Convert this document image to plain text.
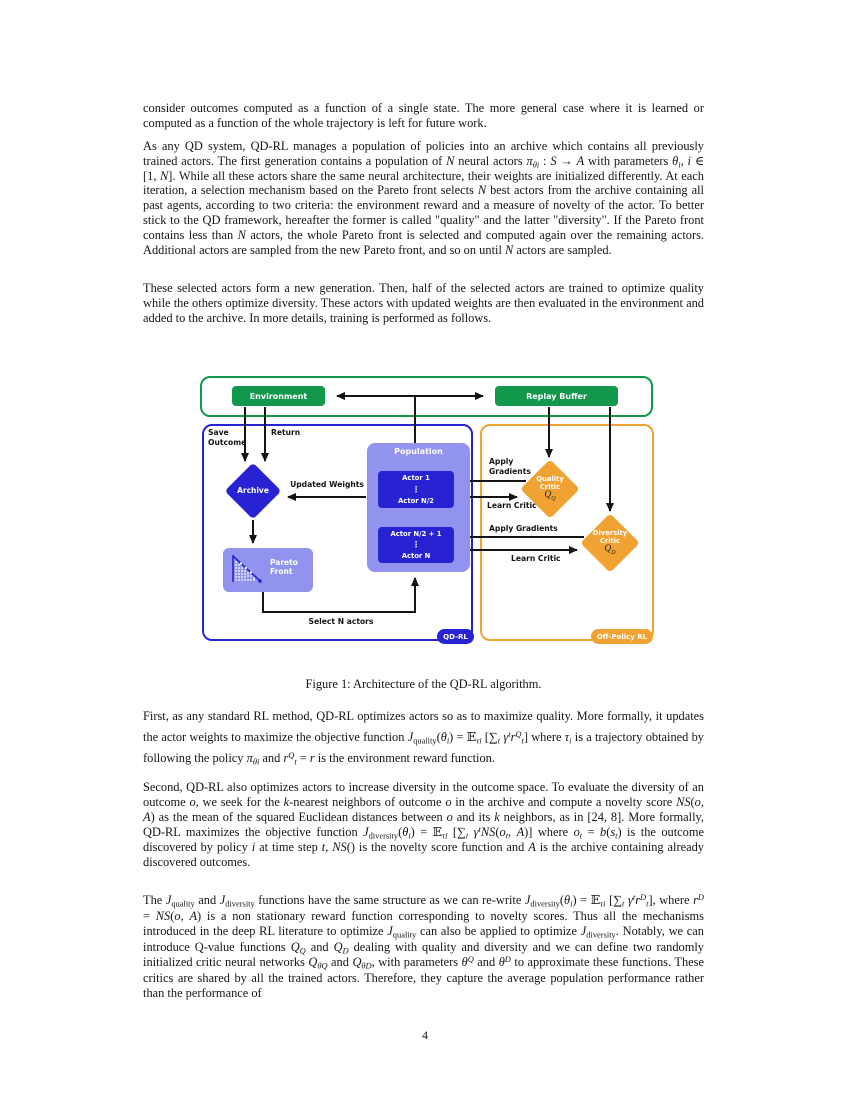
consider outcomes computed as a function of a single state. The more general case where it is learned or computed as a function of the whole trajectory is left for future work.
As any QD system, QD-RL manages a population of policies into an archive which contains all previously trained actors. The first generation contains a population of N neural actors $\pi_{\theta i}$ : S → A with parameters $\theta_i$, i ∈ [1, N]. While all these actors share the same neural architecture, their weights are initialized differently. At each iteration, a selection mechanism based on the Pareto front selects N best actors from the archive containing all past agents, according to two criteria: the environment reward and a measure of novelty of the actor. To better stick to the QD framework, hereafter the former is called "quality" and the latter "diversity". If the Pareto front contains less than N actors, the whole Pareto front is selected and computed again over the remaining actors. Additional actors are sampled from the new Pareto front, and so on until N actors are sampled.
These selected actors form a new generation. Then, half of the selected actors are trained to optimize quality while the others optimize diversity. These actors with updated weights are then evaluated in the environment and added to the archive. In more details, training is performed as follows.
Environment	Replay Buffer
Save
Outcome
Return
Updated Weights
Select N actors
Apply
Gradients
Learn Critic
Apply Gradients
Learn Critic
Archive
Population
Actor 1
⋮
Actor N/2
Actor N/2 + 1
⋮
Actor N
Pareto
Front
Quality
Critic
$Q_Q$
Diversity
Critic
$Q_D$
QD-RL	Off-Policy RL
Figure 1: Architecture of the QD-RL algorithm.
First, as any standard RL method, QD-RL optimizes actors so as to maximize quality. More formally, it updates the actor weights to maximize the objective function $J_{quality}(\theta_i)$ = 𝔼$_{\tau i}$ [$\sum_t$ $\gamma^tr^Q_t$] where $\tau_i$ is a trajectory obtained by following the policy $\pi_{\theta i}$ and $r^Q_t = r$ is the environment reward function.
Second, QD-RL also optimizes actors to increase diversity in the outcome space. To evaluate the diversity of an outcome o, we seek for the k-nearest neighbors of outcome o in the archive and compute a novelty score NS(o, A) as the mean of the squared Euclidean distances between o and its k neighbors, as in [24, 8]. More formally, QD-RL maximizes the objective function $J_{diversity}(\theta_i)$ = 𝔼$_{\tau i}$ [$\sum_t$ $\gamma^tNS(o_t$, A)] where $o_t = b(s_t)$ is the outcome discovered by policy i at time step t, NS() is the novelty score function and A is the archive containing already discovered outcomes.
The $J_{quality}$ and $J_{diversity}$ functions have the same structure as we can re-write $J_{diversity}(\theta_i)$ = 𝔼$_{\tau i}$ [$\sum_t$ $\gamma^tr^D_t$], where $r^D = NS(o$, A) is a non stationary reward function corresponding to novelty scores. Thus all the mechanisms introduced in the deep RL literature to optimize $J_{quality}$ can also be applied to optimize $J_{diversity}$. Notably, we can introduce Q-value functions $Q_Q$ and $Q_D$ dealing with quality and diversity and we can define two randomly initialized critic neural networks $Q_{\theta Q}$ and $Q_{\theta D}$, with parameters $\theta^Q$ and $\theta^D$ to approximate these functions. These critics are shared by all the trained actors. Therefore, they capture the average population performance rather than the performance of
4
